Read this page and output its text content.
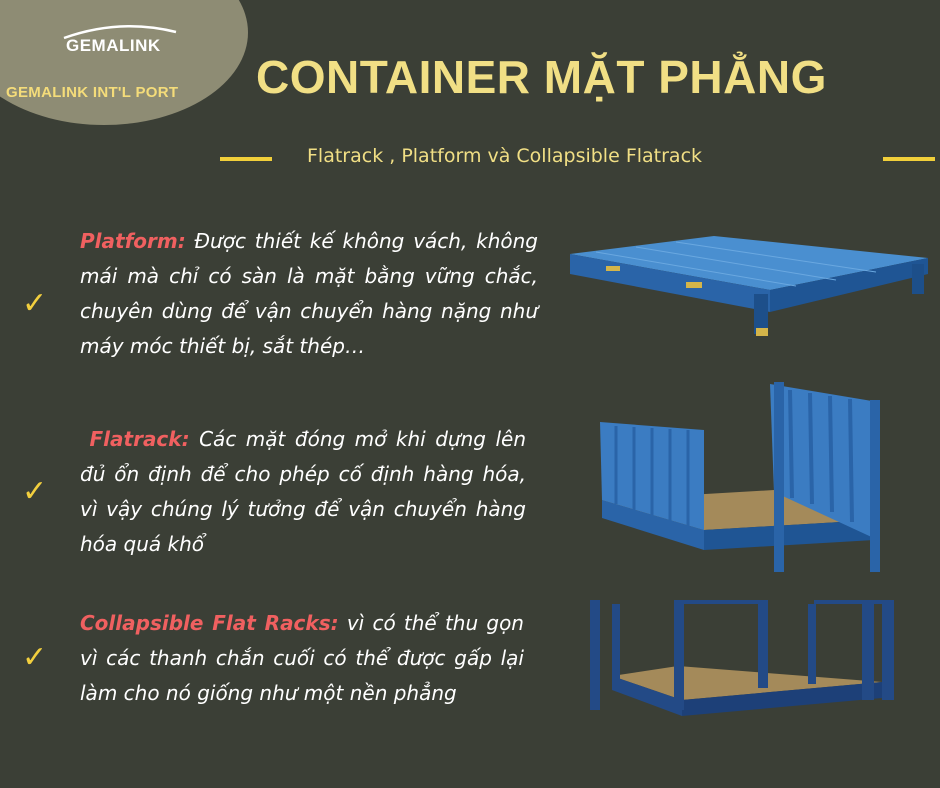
GEMALINK
GEMALINK INT'L PORT CONTAINER MẶT PHẲNG
Flatrack , Platform và Collapsible Flatrack
✓
Platform: Được thiết kế không vách, không mái mà chỉ có sàn là mặt bằng vững chắc, chuyên dùng để vận chuyển hàng nặng như máy móc thiết bị, sắt thép…
✓
Flatrack: Các mặt đóng mở khi dựng lên đủ ổn định để cho phép cố định hàng hóa, vì vậy chúng lý tưởng để vận chuyển hàng hóa quá khổ
✓
Collapsible Flat Racks: vì có thể thu gọn vì các thanh chắn cuối có thể được gấp lại làm cho nó giống như một nền phẳng
